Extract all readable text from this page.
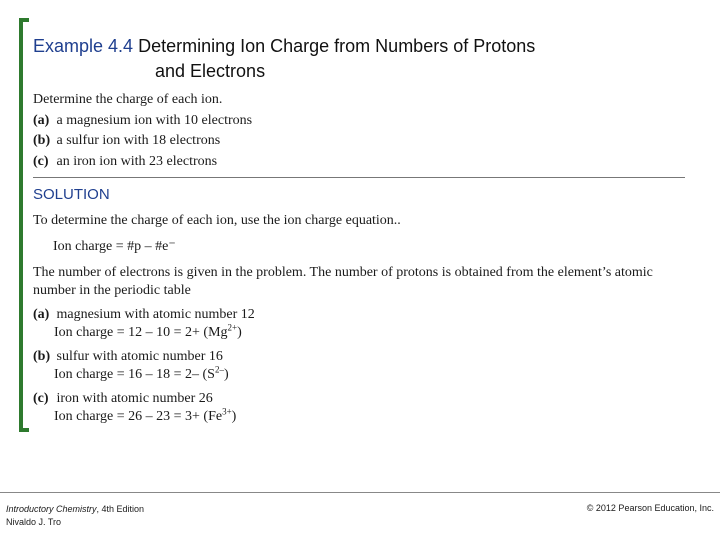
Example 4.4 Determining Ion Charge from Numbers of Protons
and Electrons
Determine the charge of each ion.
(a) a magnesium ion with 10 electrons
(b) a sulfur ion with 18 electrons
(c) an iron ion with 23 electrons
SOLUTION
To determine the charge of each ion, use the ion charge equation..
Ion charge = #p – #e⁻
The number of electrons is given in the problem. The number of protons is obtained from the element’s atomic
number in the periodic table
(a) magnesium with atomic number 12
Ion charge = $12 - 10 = 2+ (Mg^{2+})$
(b) sulfur with atomic number 16
Ion charge = 16 – 18 = 2– $(S^{2-})$
(c) iron with atomic number 26
Ion charge = $26 - 23 = 3+ (Fe^{3+})$
Introductory Chemistry, 4th Edition
Nivaldo J. Tro
© 2012 Pearson Education, Inc.
